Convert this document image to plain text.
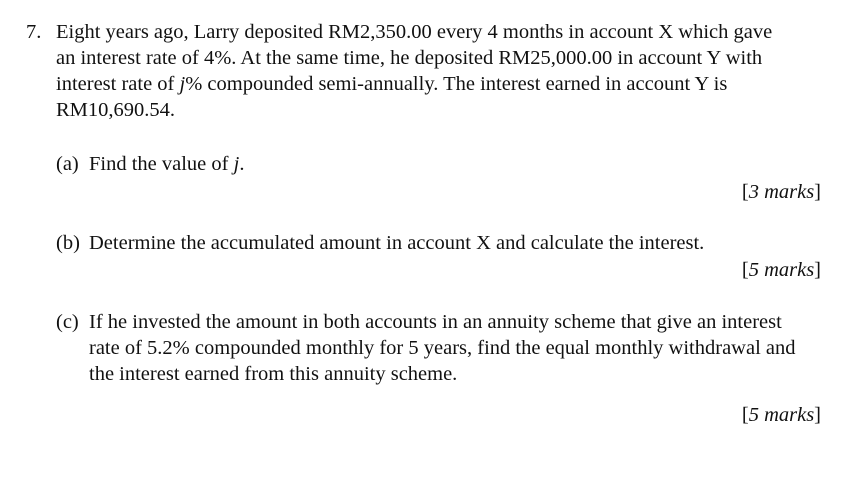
7. Eight years ago, Larry deposited RM2,350.00 every 4 months in account X which gave
an interest rate of 4%. At the same time, he deposited RM25,000.00 in account Y with
interest rate of j% compounded semi-annually. The interest earned in account Y is
RM10,690.54.
(a) Find the value of j.
[3 marks]
(b) Determine the accumulated amount in account X and calculate the interest.
[5 marks]
(c) If he invested the amount in both accounts in an annuity scheme that give an interest
rate of 5.2% compounded monthly for 5 years, find the equal monthly withdrawal and
the interest earned from this annuity scheme.
[5 marks]
